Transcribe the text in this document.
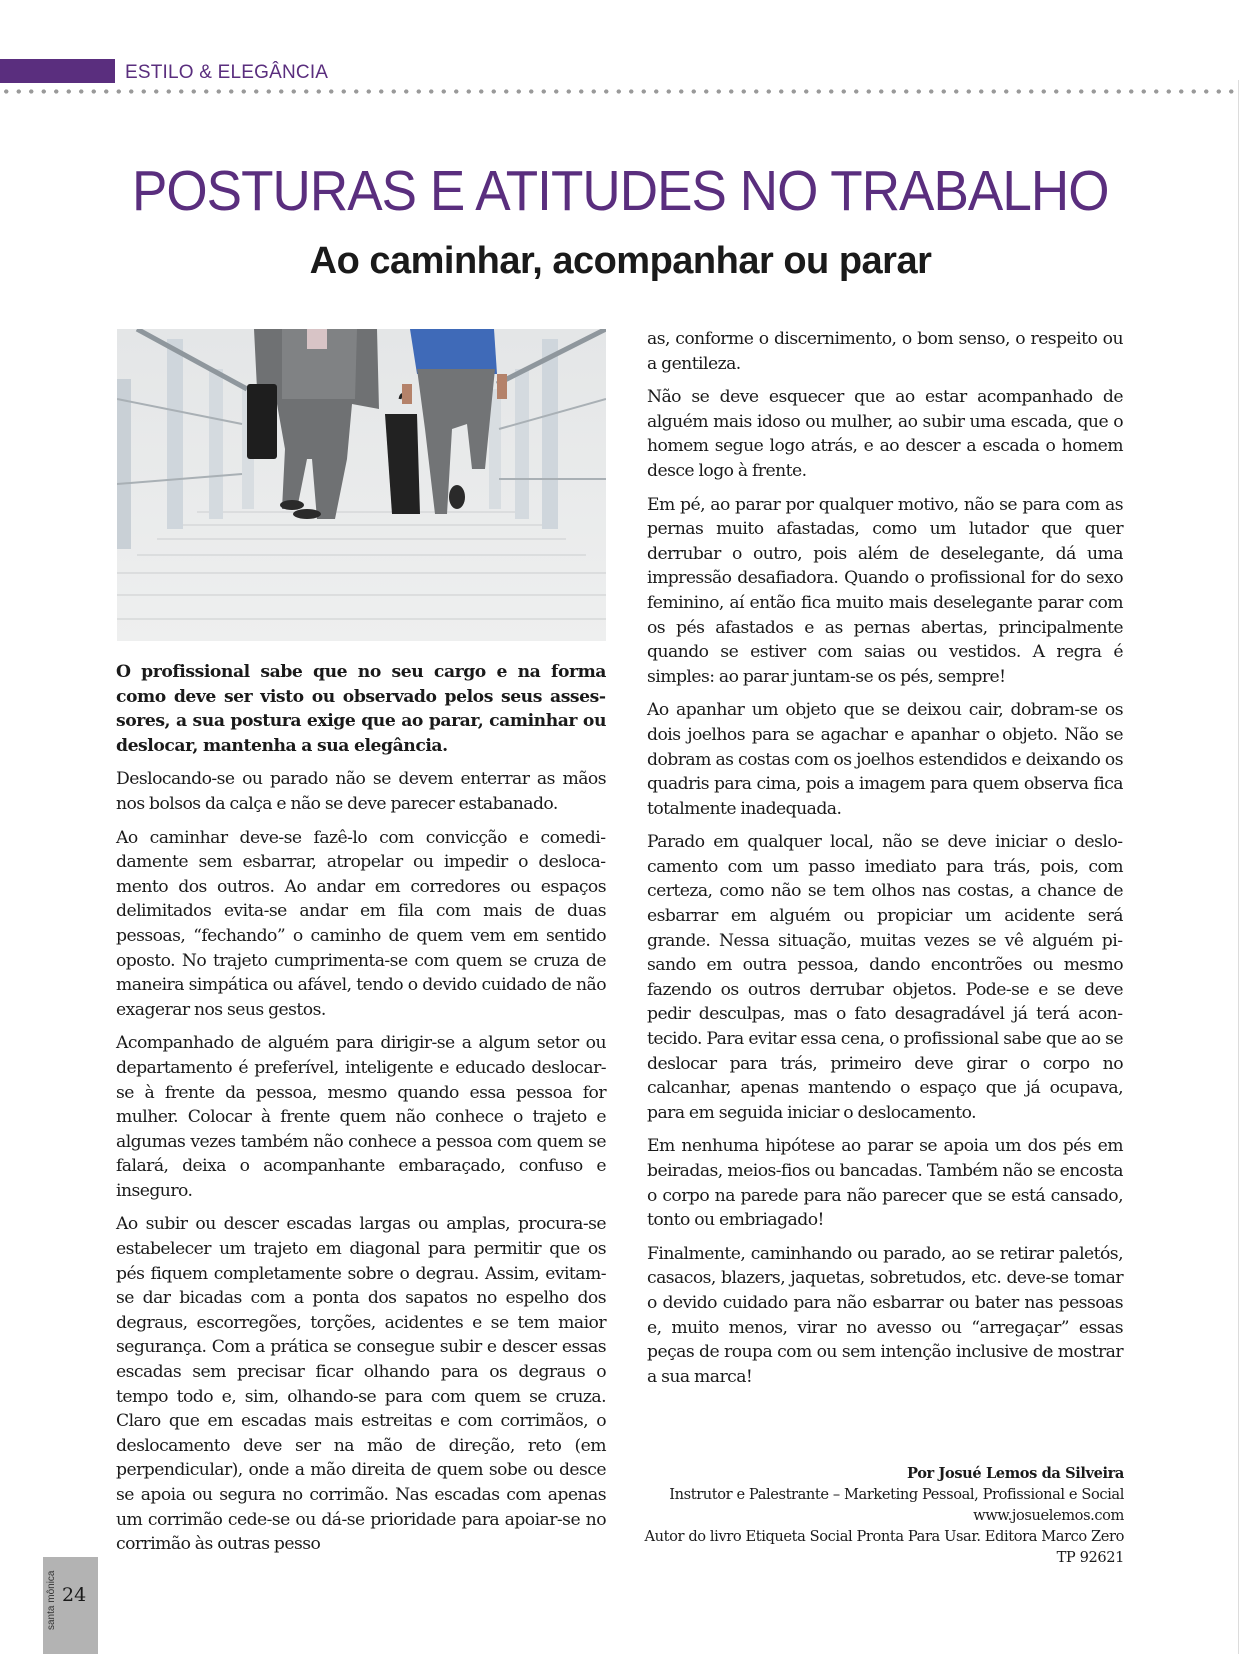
ESTILO & ELEGÂNCIA
POSTURAS E ATITUDES NO TRABALHO
Ao caminhar, acompanhar ou parar

O profissional sabe que no seu cargo e na forma como deve ser visto ou observado pelos seus assessores, a sua postura exige que ao parar, caminhar ou deslocar, mantenha a sua elegância.

Deslocando-se ou parado não se devem enterrar as mãos nos bolsos da calça e não se deve parecer estabanado.

Ao caminhar deve-se fazê-lo com convicção e comedidamente sem esbarrar, atropelar ou impedir o deslocamento dos outros. Ao andar em corredores ou espaços delimitados evita-se andar em fila com mais de duas pessoas, “fechando” o caminho de quem vem em sentido oposto. No trajeto cumprimenta-se com quem se cruza de maneira simpática ou afável, tendo o devido cuidado de não exagerar nos seus gestos.

Acompanhado de alguém para dirigir-se a algum setor ou departamento é preferível, inteligente e educado deslocar-se à frente da pessoa, mesmo quando essa pessoa for mulher. Colocar à frente quem não conhece o trajeto e algumas vezes também não conhece a pessoa com quem se falará, deixa o acompanhante embaraçado, confuso e inseguro.

Ao subir ou descer escadas largas ou amplas, procura-se estabelecer um trajeto em diagonal para permitir que os pés fiquem completamente sobre o degrau. Assim, evitam-se dar bicadas com a ponta dos sapatos no espelho dos degraus, escorregões, torções, acidentes e se tem maior segurança. Com a prática se consegue subir e descer essas escadas sem precisar ficar olhando para os degraus o tempo todo e, sim, olhando-se para com quem se cruza. Claro que em escadas mais estreitas e com corrimãos, o deslocamento deve ser na mão de direção, reto (em perpendicular), onde a mão direita de quem sobe ou desce se apoia ou segura no corrimão. Nas escadas com apenas um corrimão cede-se ou dá-se prioridade para apoiar-se no corrimão às outras pesso

as, conforme o discernimento, o bom senso, o respeito ou a gentileza.

Não se deve esquecer que ao estar acompanhado de alguém mais idoso ou mulher, ao subir uma escada, que o homem segue logo atrás, e ao descer a escada o homem desce logo à frente.

Em pé, ao parar por qualquer motivo, não se para com as pernas muito afastadas, como um lutador que quer derrubar o outro, pois além de deselegante, dá uma impressão desafiadora. Quando o profissional for do sexo feminino, aí então fica muito mais deselegante parar com os pés afastados e as pernas abertas, principalmente quando se estiver com saias ou vestidos. A regra é simples: ao parar juntam-se os pés, sempre!

Ao apanhar um objeto que se deixou cair, dobram-se os dois joelhos para se agachar e apanhar o objeto. Não se dobram as costas com os joelhos estendidos e deixando os quadris para cima, pois a imagem para quem observa fica totalmente inadequada.

Parado em qualquer local, não se deve iniciar o deslocamento com um passo imediato para trás, pois, com certeza, como não se tem olhos nas costas, a chance de esbarrar em alguém ou propiciar um acidente será grande. Nessa situação, muitas vezes se vê alguém pisando em outra pessoa, dando encontrões ou mesmo fazendo os outros derrubar objetos. Pode-se e se deve pedir desculpas, mas o fato desagradável já terá acontecido. Para evitar essa cena, o profissional sabe que ao se deslocar para trás, primeiro deve girar o corpo no calcanhar, apenas mantendo o espaço que já ocupava, para em seguida iniciar o deslocamento.

Em nenhuma hipótese ao parar se apoia um dos pés em beiradas, meios-fios ou bancadas. Também não se encosta o corpo na parede para não parecer que se está cansado, tonto ou embriagado!

Finalmente, caminhando ou parado, ao se retirar paletós, casacos, blazers, jaquetas, sobretudos, etc. deve-se tomar o devido cuidado para não esbarrar ou bater nas pessoas e, muito menos, virar no avesso ou “arregaçar” essas peças de roupa com ou sem intenção inclusive de mostrar a sua marca!

Por Josué Lemos da Silveira
Instrutor e Palestrante – Marketing Pessoal, Profissional e Social
www.josuelemos.com
Autor do livro Etiqueta Social Pronta Para Usar. Editora Marco Zero
TP 92621
santa mônica 24
